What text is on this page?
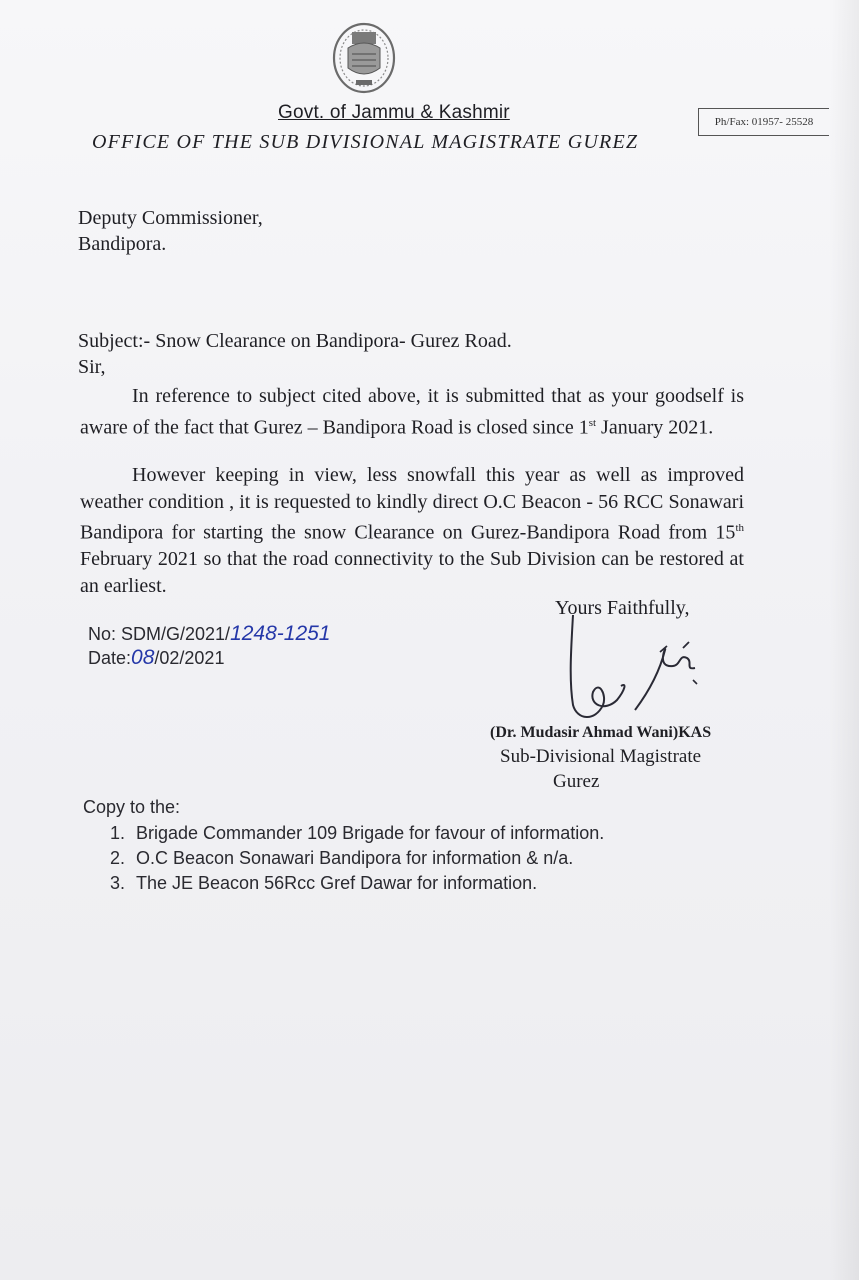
Govt. of Jammu & Kashmir
OFFICE OF THE SUB DIVISIONAL MAGISTRATE GUREZ
Ph/Fax: 01957- 25528
Deputy Commissioner,
Bandipora.
Subject:- Snow Clearance on Bandipora- Gurez Road.
Sir,
In reference to subject cited above, it is submitted that as your goodself is aware of the fact that Gurez – Bandipora Road is closed since 1st January 2021.
However keeping in view, less snowfall this year as well as improved weather condition , it is requested to kindly direct O.C Beacon - 56 RCC Sonawari Bandipora for starting the snow Clearance on Gurez-Bandipora Road from 15th February 2021 so that the road connectivity to the Sub Division can be restored at an earliest.
Yours Faithfully,
No: SDM/G/2021/1248-1251
Date:08/02/2021
(Dr. Mudasir Ahmad Wani)KAS
Sub-Divisional Magistrate
Gurez
Copy to the:
1. Brigade Commander 109 Brigade for favour of information.
2. O.C Beacon Sonawari Bandipora for information & n/a.
3. The JE Beacon 56Rcc Gref Dawar for information.
